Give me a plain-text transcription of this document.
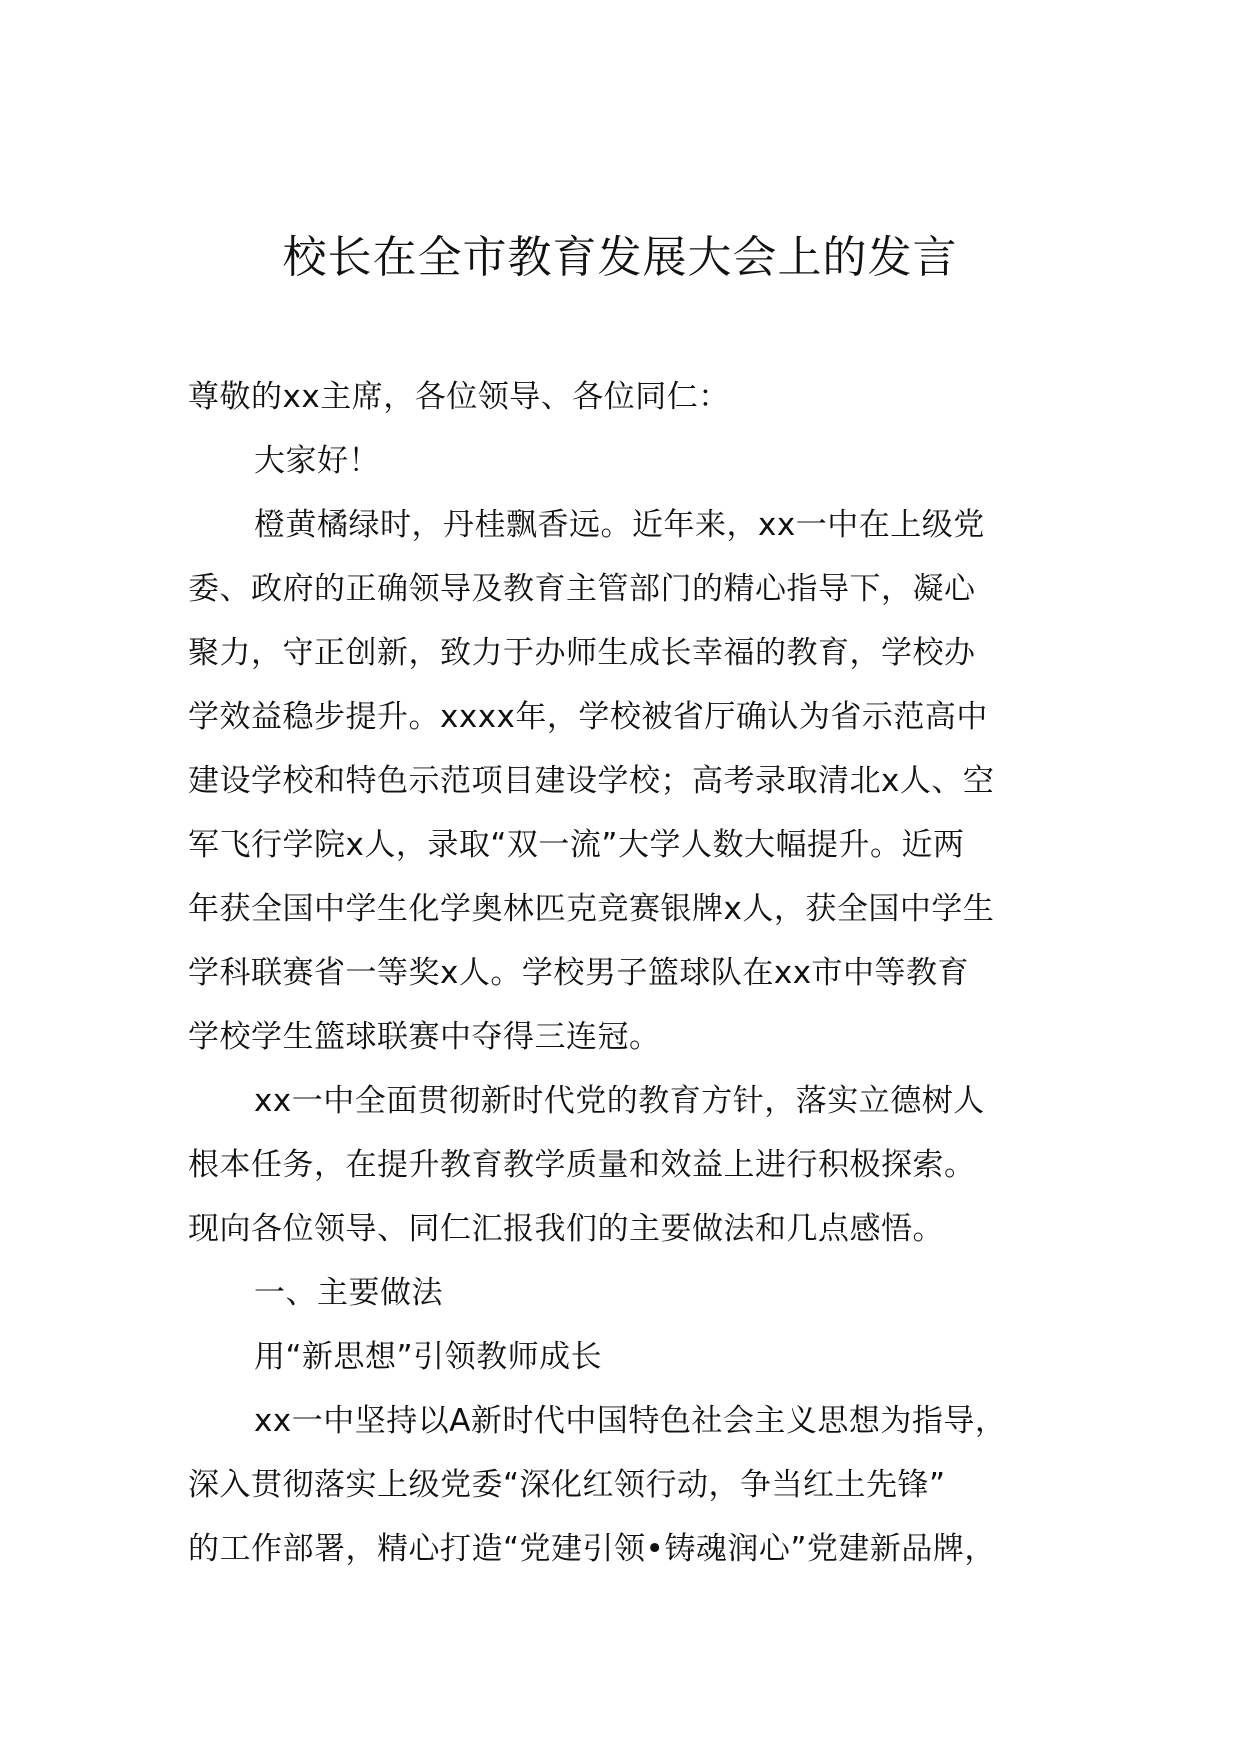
校长在全市教育发展大会上的发言
尊敬的xx主席，各位领导、各位同仁：
大家好！
橙黄橘绿时，丹桂飘香远。近年来，xx一中在上级党
委、政府的正确领导及教育主管部门的精心指导下，凝心
聚力，守正创新，致力于办师生成长幸福的教育，学校办
学效益稳步提升。xxxx年，学校被省厅确认为省示范高中
建设学校和特色示范项目建设学校；高考录取清北x人、空
军飞行学院x人，录取“双一流”大学人数大幅提升。近两
年获全国中学生化学奥林匹克竞赛银牌x人，获全国中学生
学科联赛省一等奖x人。学校男子篮球队在xx市中等教育
学校学生篮球联赛中夺得三连冠。
xx一中全面贯彻新时代党的教育方针，落实立德树人
根本任务，在提升教育教学质量和效益上进行积极探索。
现向各位领导、同仁汇报我们的主要做法和几点感悟。
一、主要做法
用“新思想”引领教师成长
xx一中坚持以A新时代中国特色社会主义思想为指导，
深入贯彻落实上级党委“深化红领行动，争当红土先锋”
的工作部署，精心打造“党建引领•铸魂润心”党建新品牌，
